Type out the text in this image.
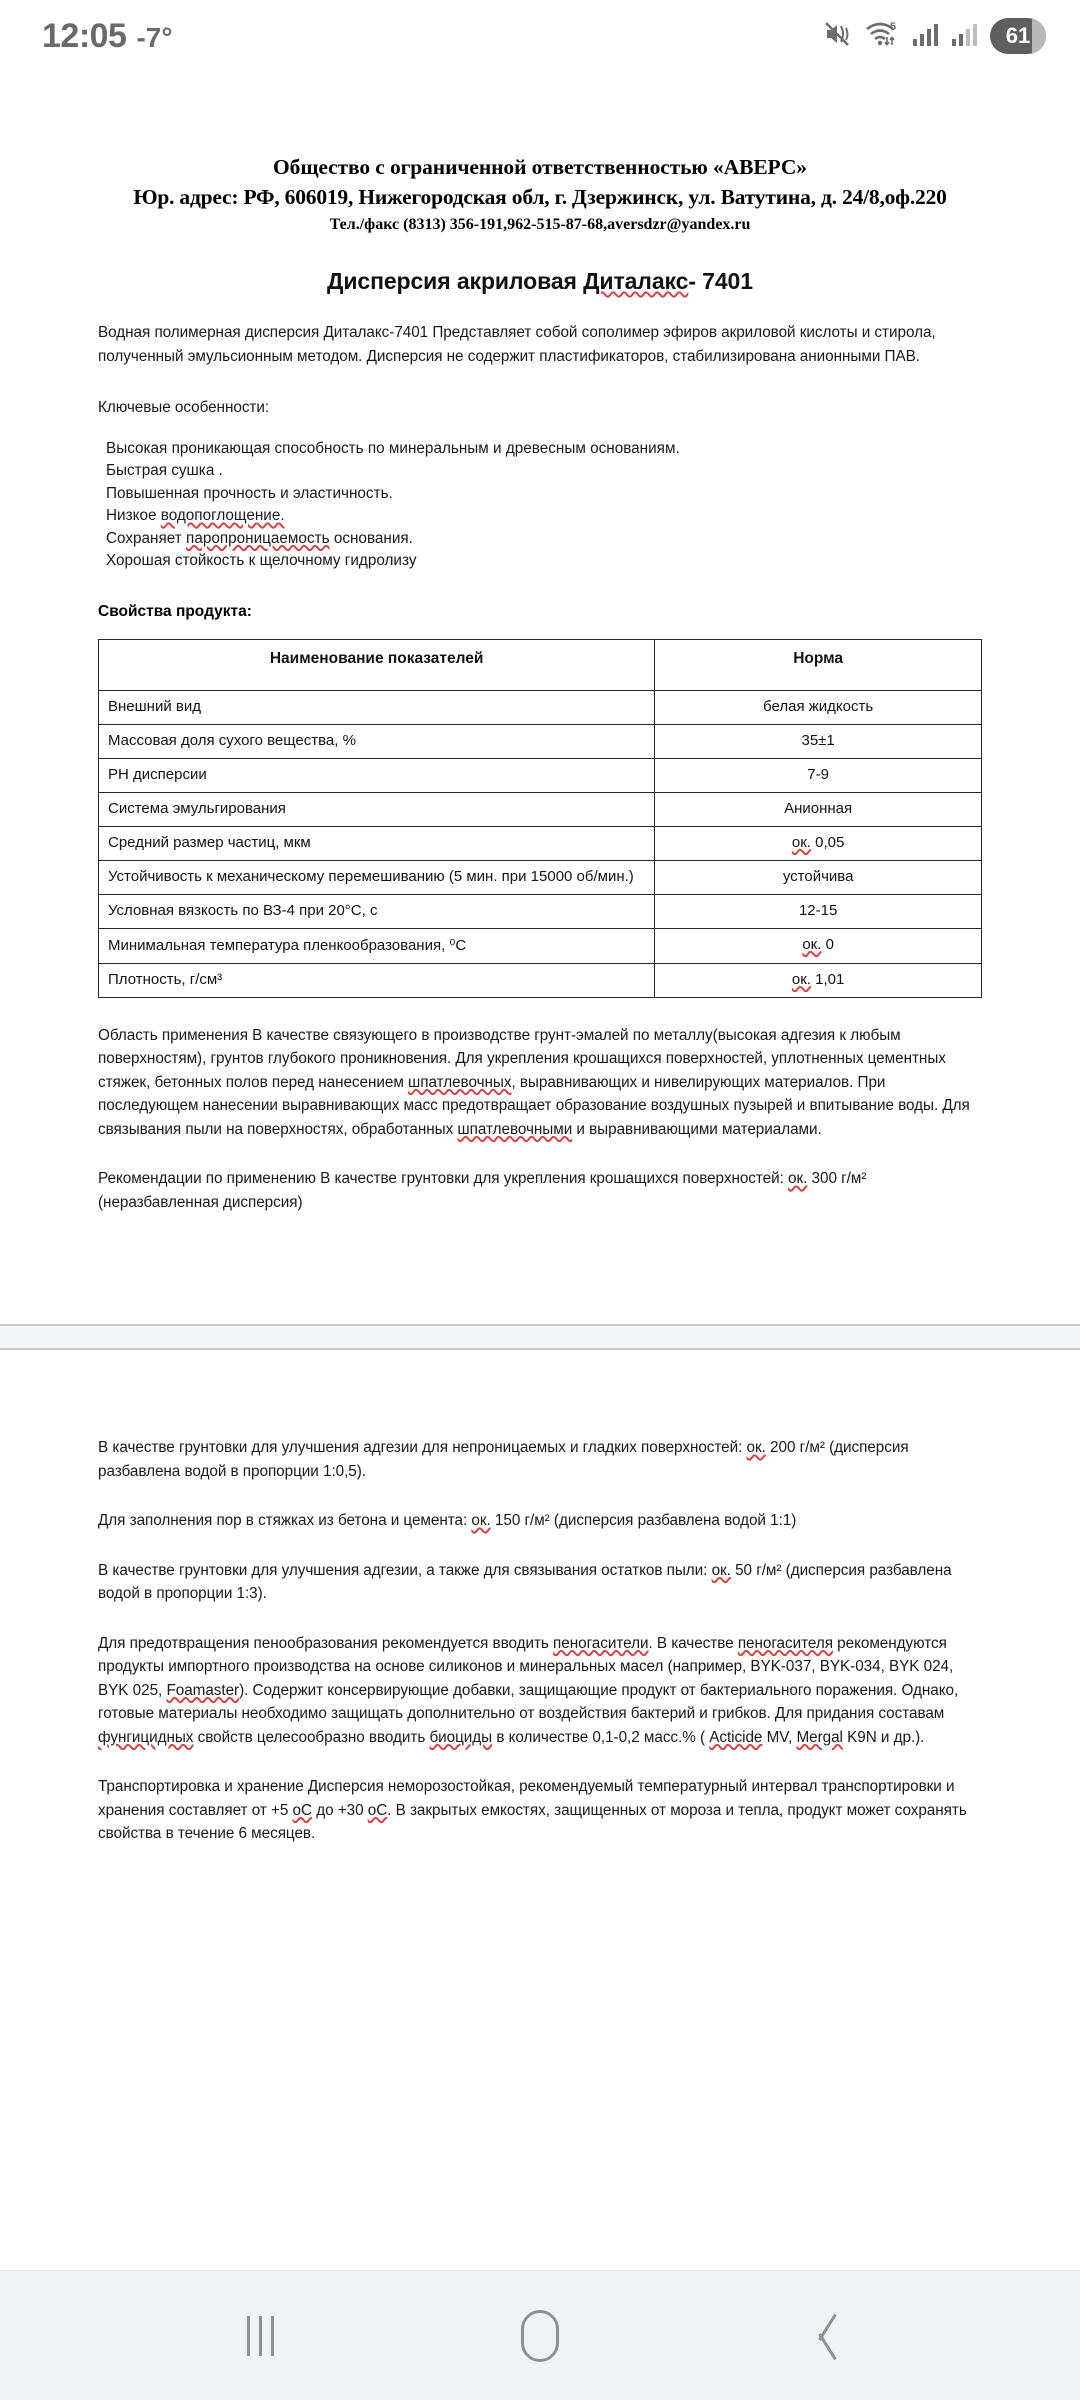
12:05 -7°	5	61
Общество с ограниченной ответственностью «АВЕРС»
Юр. адрес: РФ, 606019, Нижегородская обл, г. Дзержинск, ул. Ватутина, д. 24/8,оф.220
Тел./факс (8313) 356-191,962-515-87-68,aversdzr@yandex.ru
Дисперсия акриловая Диталакс- 7401

Водная полимерная дисперсия Диталакс-7401 Представляет собой сополимер эфиров акриловой кислоты и стирола, полученный эмульсионным методом. Дисперсия не содержит пластификаторов, стабилизирована анионными ПАВ.

Ключевые особенности:

Высокая проникающая способность по минеральным и древесным основаниям.
Быстрая сушка .
Повышенная прочность и эластичность.
Низкое водопоглощение.
Сохраняет паропроницаемость основания.
Хорошая стойкость к щелочному гидролизу
Свойства продукта:
Наименование показателей	Норма
Внешний вид	белая жидкость
Массовая доля сухого вещества, %	35±1
РН дисперсии	7-9
Система эмульгирования	Анионная
Средний размер частиц, мкм	ок. 0,05
Устойчивость к механическому перемешиванию (5 мин. при 15000 об/мин.)	устойчива
Условная вязкость по ВЗ-4 при 20°С, с	12-15
Минимальная температура пленкообразования, ⁰С	ок. 0
Плотность, г/см³	ок. 1,01

Область применения В качестве связующего в производстве грунт-эмалей по металлу(высокая адгезия к любым поверхностям), грунтов глубокого проникновения. Для укрепления крошащихся поверхностей, уплотненных цементных стяжек, бетонных полов перед нанесением шпатлевочных, выравнивающих и нивелирующих материалов. При последующем нанесении выравнивающих масс предотвращает образование воздушных пузырей и впитывание воды. Для связывания пыли на поверхностях, обработанных шпатлевочными и выравнивающими материалами.

Рекомендации по применению В качестве грунтовки для укрепления крошащихся поверхностей: ок. 300 г/м² (неразбавленная дисперсия)

В качестве грунтовки для улучшения адгезии для непроницаемых и гладких поверхностей: ок. 200 г/м² (дисперсия разбавлена водой в пропорции 1:0,5).

Для заполнения пор в стяжках из бетона и цемента: ок. 150 г/м² (дисперсия разбавлена водой 1:1)

В качестве грунтовки для улучшения адгезии, а также для связывания остатков пыли: ок. 50 г/м² (дисперсия разбавлена водой в пропорции 1:3).

Для предотвращения пенообразования рекомендуется вводить пеногасители. В качестве пеногасителя рекомендуются продукты импортного производства на основе силиконов и минеральных масел (например, BYK-037, BYK-034, BYK 024, BYK 025, Foamaster). Содержит консервирующие добавки, защищающие продукт от бактериального поражения. Однако, готовые материалы необходимо защищать дополнительно от воздействия бактерий и грибков. Для придания составам фунгицидных свойств целесообразно вводить биоциды в количестве 0,1-0,2 масс.% ( Acticide MV, Mergal K9N и др.).

Транспортировка и хранение Дисперсия неморозостойкая, рекомендуемый температурный интервал транспортировки и хранения составляет от +5 оС до +30 оС. В закрытых емкостях, защищенных от мороза и тепла, продукт может сохранять свойства в течение 6 месяцев.
